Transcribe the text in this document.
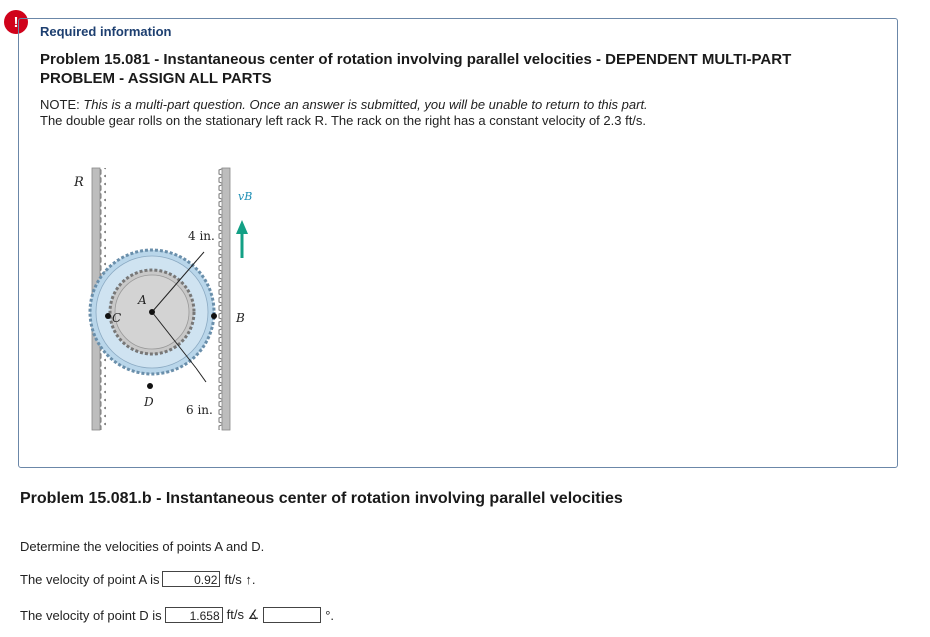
!
Required information
Problem 15.081 - Instantaneous center of rotation involving parallel velocities - DEPENDENT MULTI-PART PROBLEM - ASSIGN ALL PARTS
NOTE: This is a multi-part question. Once an answer is submitted, you will be unable to return to this part.
The double gear rolls on the stationary left rack R. The rack on the right has a constant velocity of 2.3 ft/s.
R
vB
4 in.
A
C	B
D
6 in.
Problem 15.081.b - Instantaneous center of rotation involving parallel velocities
Determine the velocities of points A and D.
The velocity of point A is	0.92 ft/s ↑.
The velocity of point D is	1.658 ft/s ∡	°.
